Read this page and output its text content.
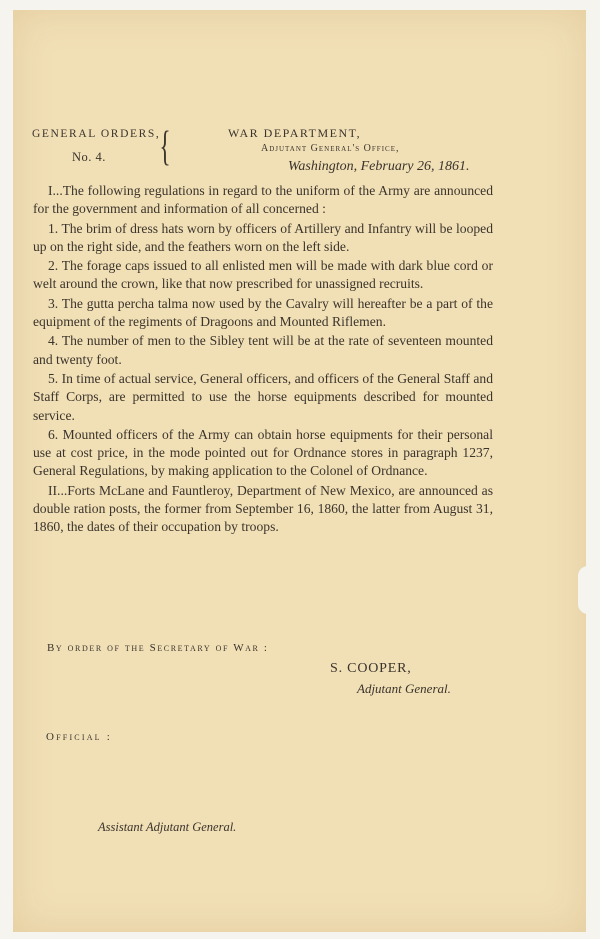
GENERAL ORDERS,
No. 4. {	WAR DEPARTMENT,
Adjutant General's Office,
Washington, February 26, 1861.

I...The following regulations in regard to the uniform of the Army are announced for the government and information of all concerned :

1. The brim of dress hats worn by officers of Artillery and Infantry will be looped up on the right side, and the feathers worn on the left side.

2. The forage caps issued to all enlisted men will be made with dark blue cord or welt around the crown, like that now prescribed for unassigned recruits.

3. The gutta percha talma now used by the Cavalry will hereafter be a part of the equipment of the regiments of Dragoons and Mounted Riflemen.

4. The number of men to the Sibley tent will be at the rate of seventeen mounted and twenty foot.

5. In time of actual service, General officers, and officers of the General Staff and Staff Corps, are permitted to use the horse equipments described for mounted service.

6. Mounted officers of the Army can obtain horse equipments for their personal use at cost price, in the mode pointed out for Ordnance stores in paragraph 1237, General Regulations, by making application to the Colonel of Ordnance.

II...Forts McLane and Fauntleroy, Department of New Mexico, are announced as double ration posts, the former from September 16, 1860, the latter from August 31, 1860, the dates of their occupation by troops.

By order of the Secretary of War :
S. COOPER,
Adjutant General.
Official :
Assistant Adjutant General.
